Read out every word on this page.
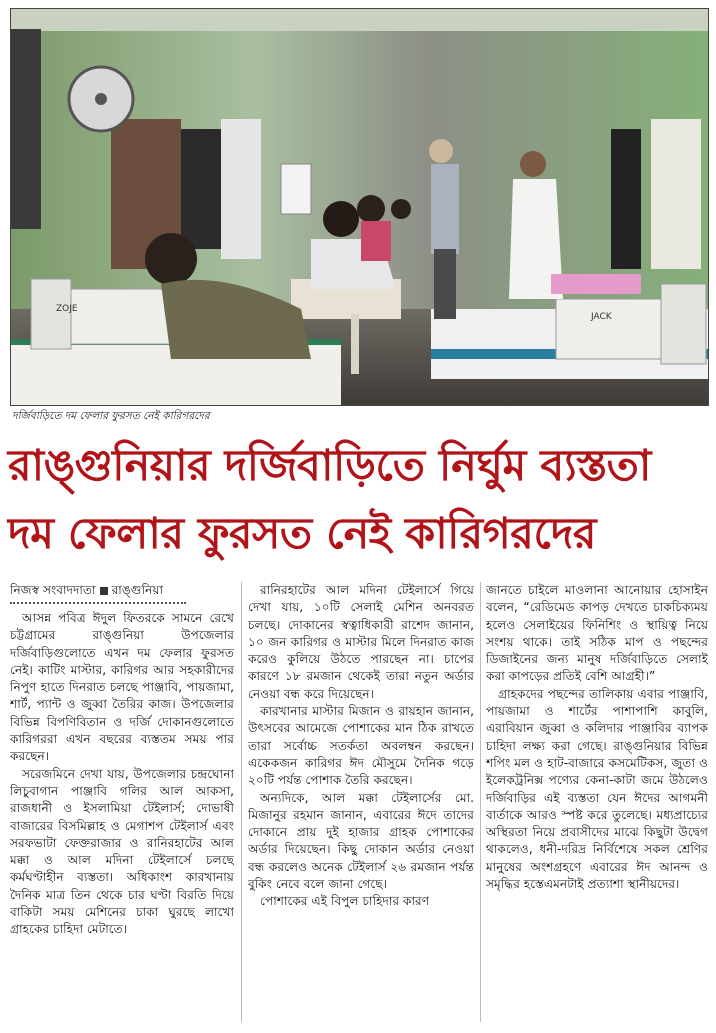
ZOJE
JACK
দর্জিবাড়িতে দম ফেলার ফুরসত নেই কারিগরদের
রাঙ্গুনিয়ার দর্জিবাড়িতে নির্ঘুম ব্যস্ততা
দম ফেলার ফুরসত নেই কারিগরদের
নিজস্ব সংবাদদাতা রাঙ্গুনিয়া

আসন্ন পবিত্র ঈদুল ফিতরকে সামনে রেখে চট্টগ্রামের রাঙ্গুনিয়া উপজেলার দর্জিবাড়িগুলোতে এখন দম ফেলার ফুরসত নেই। কাটিং মাস্টার, কারিগর আর সহকারীদের নিপুণ হাতে দিনরাত চলছে পাঞ্জাবি, পায়জামা, শার্ট, প্যান্ট ও জুব্বা তৈরির কাজ। উপজেলার বিভিন্ন বিপণিবিতান ও দর্জি দোকানগুলোতে কারিগররা এখন বছরের ব্যস্ততম সময় পার করছেন।

সরেজমিনে দেখা যায়, উপজেলার চন্দ্রঘোনা লিচুবাগান পাঞ্জাবি গলির আল আকসা, রাজধানী ও ইসলামিয়া টেইলার্স; দোভাষী বাজারের বিসমিল্লাহ ও মেগাশপ টেইলার্স এবং সরফভাটা ফেক্তরাজার ও রানিরহাটের আল মক্কা ও আল মদিনা টেইলার্সে চলছে কর্মঘণ্টাহীন ব্যস্ততা। অধিকাংশ কারখানায় দৈনিক মাত্র তিন থেকে চার ঘণ্টা বিরতি দিয়ে বাকিটা সময় মেশিনের চাকা ঘুরছে লাখো গ্রাহকের চাহিদা মেটাতে।

রানিরহাটের আল মদিনা টেইলার্সে গিয়ে দেখা যায়, ১০টি সেলাই মেশিন অনবরত চলছে। দোকানের স্বত্বাধিকারী রাশেদ জানান, ১০ জন কারিগর ও মাস্টার মিলে দিনরাত কাজ করেও কুলিয়ে উঠতে পারছেন না। চাপের কারণে ১৮ রমজান থেকেই তারা নতুন অর্ডার নেওয়া বন্ধ করে দিয়েছেন।

কারখানার মাস্টার মিজান ও রায়হান জানান, উৎসবের আমেজে পোশাকের মান ঠিক রাখতে তারা সর্বোচ্চ সতর্কতা অবলম্বন করছেন। একেকজন কারিগর ঈদ মৌসুমে দৈনিক গড়ে ২০টি পর্যন্ত পোশাক তৈরি করছেন।

অন্যদিকে, আল মক্কা টেইলার্সের মো. মিজানুর রহমান জানান, এবারের ঈদে তাদের দোকানে প্রায় দুই হাজার গ্রাহক পোশাকের অর্ডার দিয়েছেন। কিছু দোকান অর্ডার নেওয়া বন্ধ করলেও অনেক টেইলার্স ২৬ রমজান পর্যন্ত বুকিং নেবে বলে জানা গেছে।

পোশাকের এই বিপুল চাহিদার কারণ

জানতে চাইলে মাওলানা আনোয়ার হোসাইন বলেন, “রেডিমেড কাপড় দেখতে চাকচিক্যময় হলেও সেলাইয়ের ফিনিশিং ও স্থায়িত্ব নিয়ে সংশয় থাকে। তাই সঠিক মাপ ও পছন্দের ডিজাইনের জন্য মানুষ দর্জিবাড়িতে সেলাই করা কাপড়ের প্রতিই বেশি আগ্রহী।”

গ্রাহকদের পছন্দের তালিকায় এবার পাঞ্জাবি, পায়জামা ও শার্টের পাশাপাশি কাবুলি, এরাবিয়ান জুব্বা ও কলিদার পাঞ্জাবির ব্যাপক চাহিদা লক্ষ্য করা গেছে। রাঙ্গুনিয়ার বিভিন্ন শপিং মল ও হাট-বাজারে কসমেটিকস, জুতা ও ইলেকট্রনিক্স পণ্যের কেনা-কাটা জমে উঠলেও দর্জিবাড়ির এই ব্যস্ততা যেন ঈদের আগমনী বার্তাকে আরও স্পষ্ট করে তুলেছে। মধ্যপ্রাচ্যের অস্থিরতা নিয়ে প্রবাসীদের মাঝে কিছুটা উদ্বেগ থাকলেও, ধনী-দরিদ্র নির্বিশেষে সকল শ্রেণির মানুষের অংশগ্রহণে এবারের ঈদ আনন্দ ও সমৃদ্ধির হস্তেএমনটাই প্রত্যাশা স্থানীয়দের।
